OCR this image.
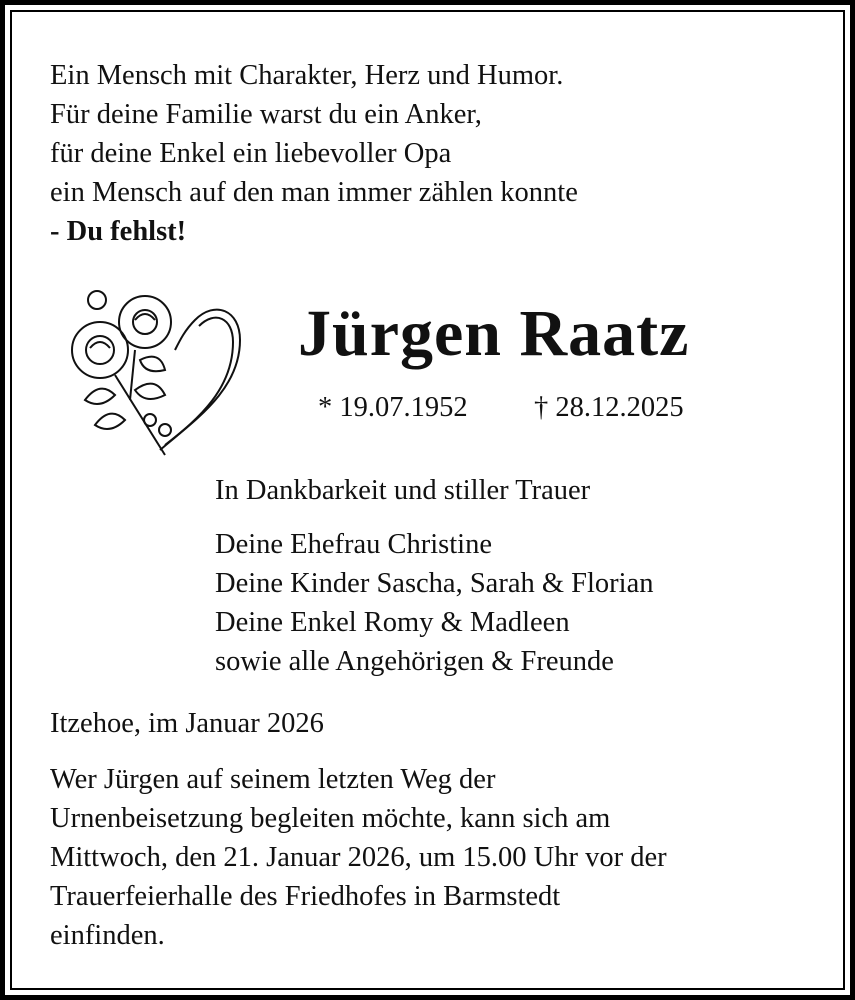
Ein Mensch mit Charakter, Herz und Humor.
Für deine Familie warst du ein Anker,
für deine Enkel ein liebevoller Opa
ein Mensch auf den man immer zählen konnte
- Du fehlst!
Jürgen Raatz
* 19.07.1952 † 28.12.2025
In Dankbarkeit und stiller Trauer
Deine Ehefrau Christine
Deine Kinder Sascha, Sarah & Florian
Deine Enkel Romy & Madleen
sowie alle Angehörigen & Freunde
Itzehoe, im Januar 2026
Wer Jürgen auf seinem letzten Weg der
Urnenbeisetzung begleiten möchte, kann sich am
Mittwoch, den 21. Januar 2026, um 15.00 Uhr vor der
Trauerfeierhalle des Friedhofes in Barmstedt
einfinden.
